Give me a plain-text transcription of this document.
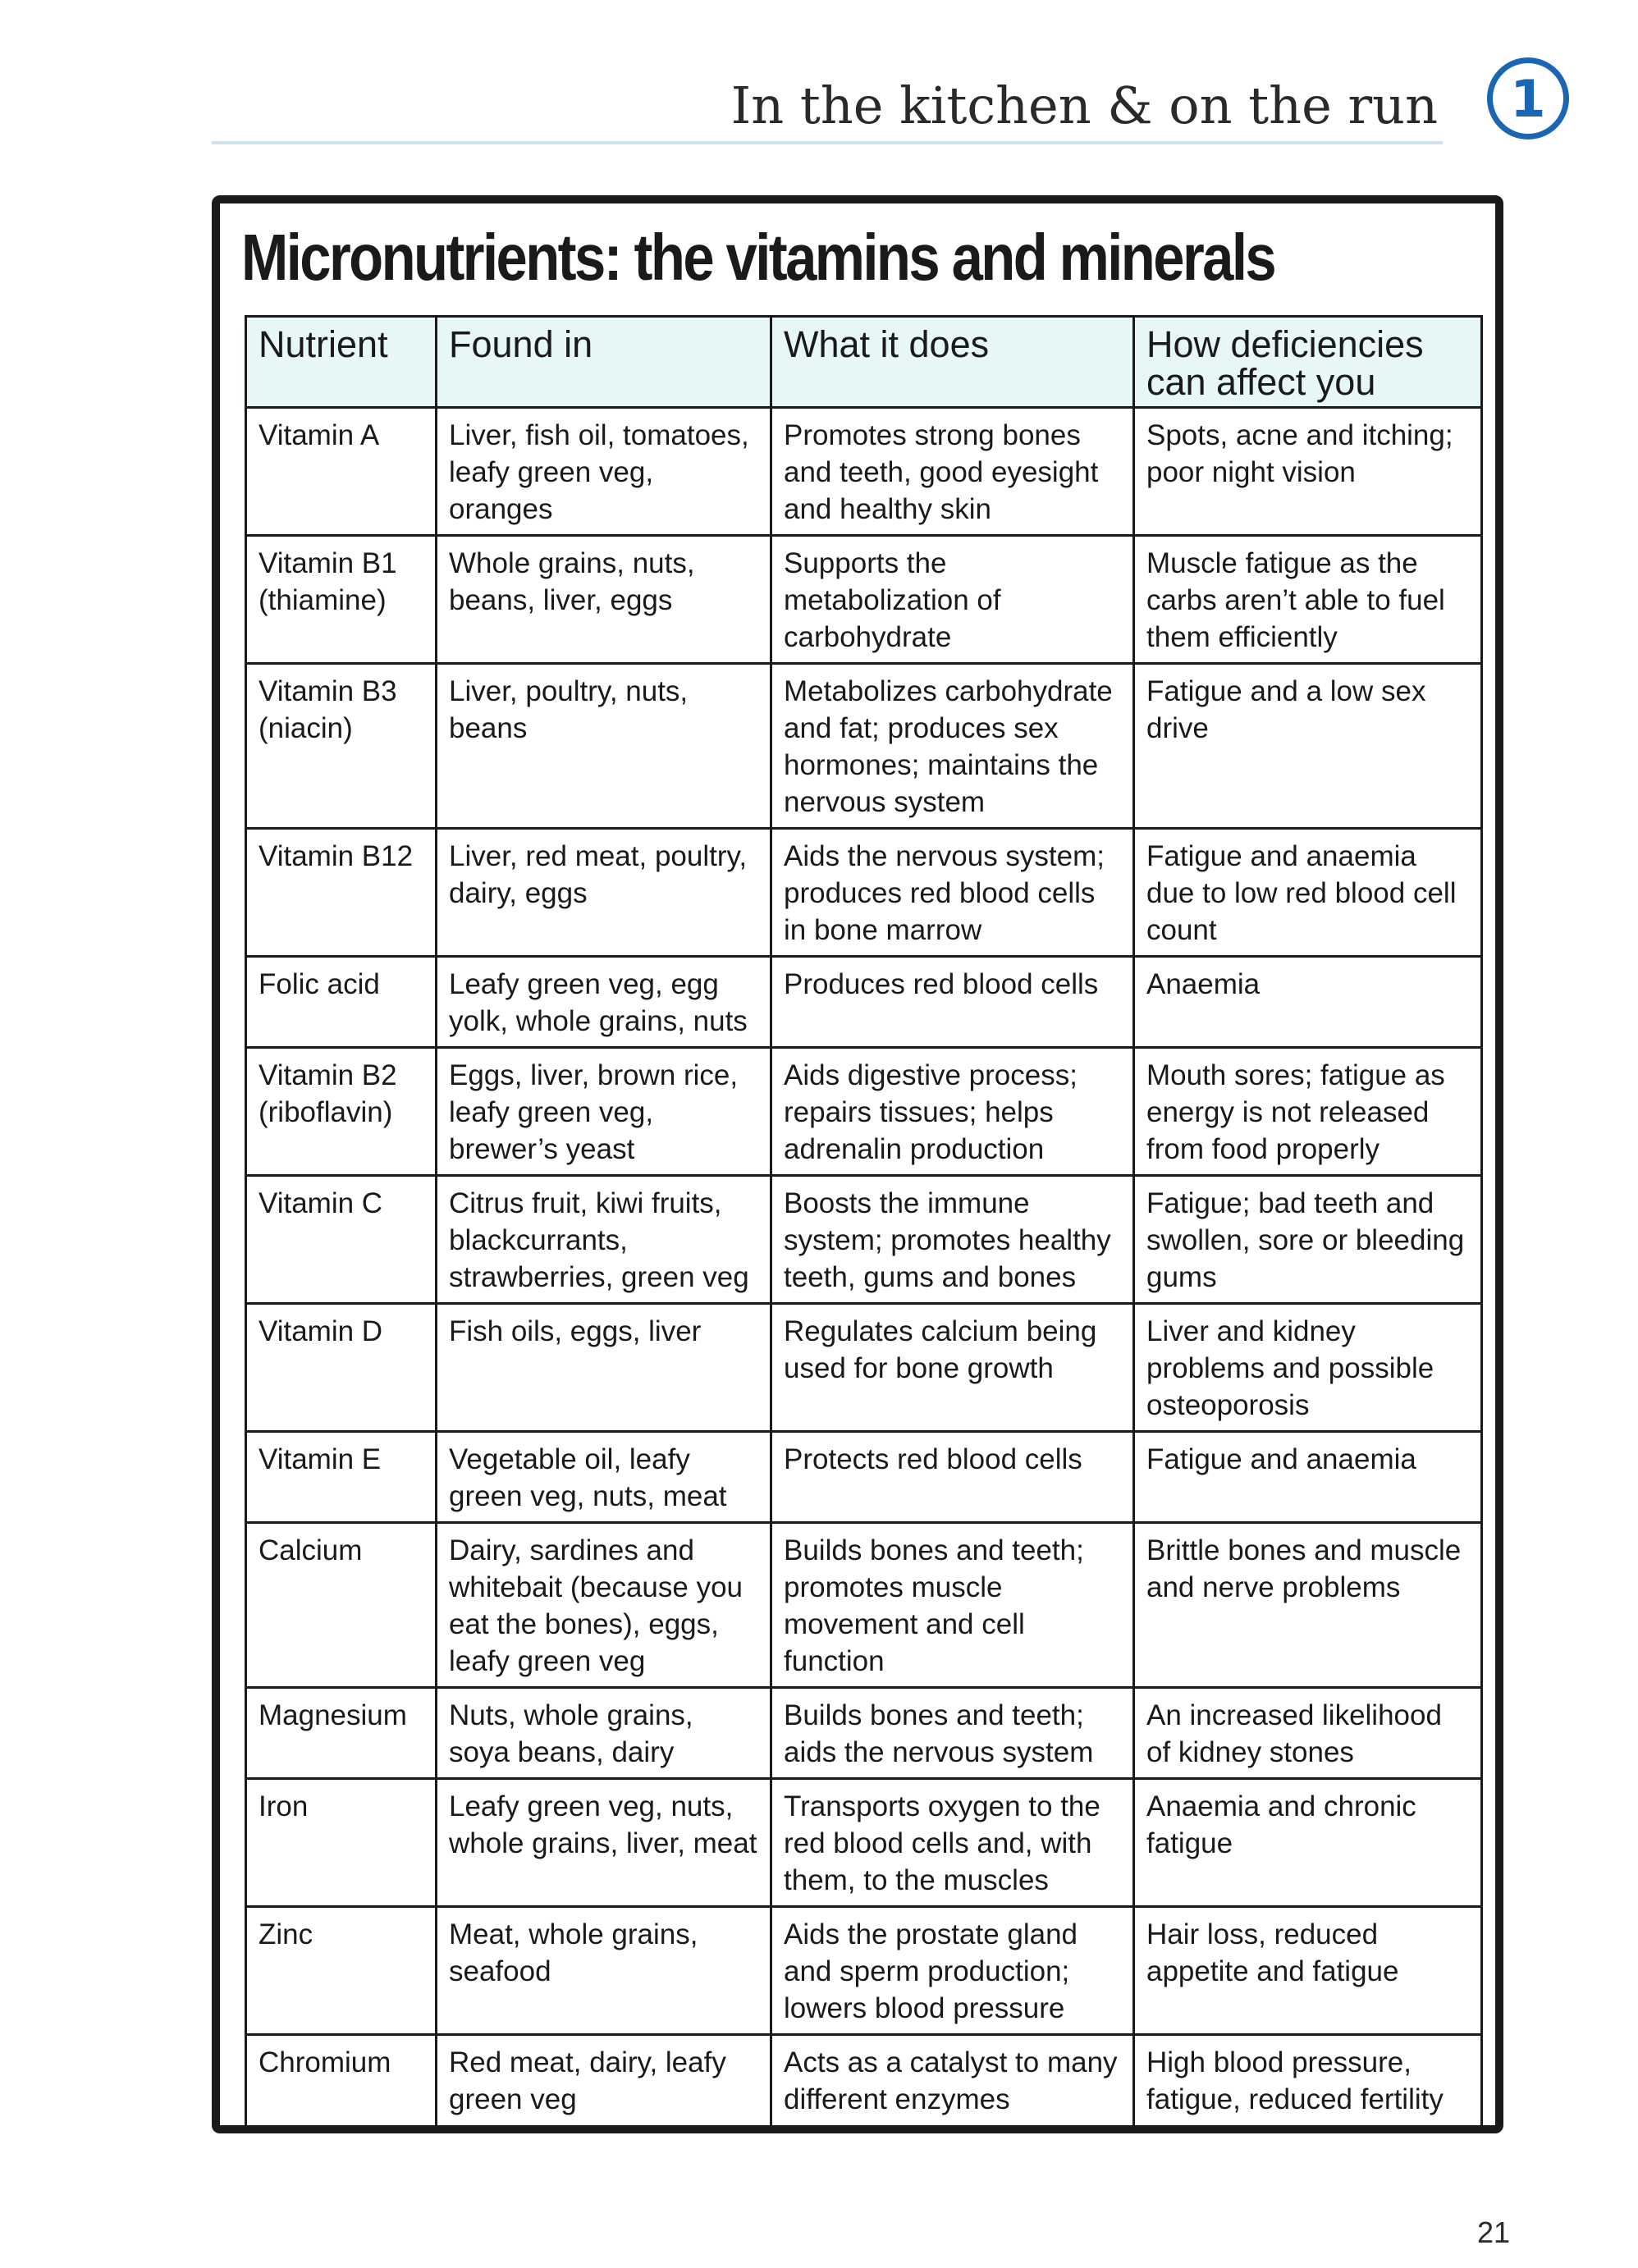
In the kitchen & on the run	1
Micronutrients: the vitamins and minerals
Nutrient	Found in	What it does	How deficiencies can affect you
Vitamin A	Liver, fish oil, tomatoes, leafy green veg, oranges	Promotes strong bones and teeth, good eyesight and healthy skin	Spots, acne and itching; poor night vision
Vitamin B1 (thiamine)	Whole grains, nuts, beans, liver, eggs	Supports the metabolization of carbohydrate	Muscle fatigue as the carbs aren’t able to fuel them efficiently
Vitamin B3 (niacin)	Liver, poultry, nuts, beans	Metabolizes carbohydrate and fat; produces sex hormones; maintains the nervous system	Fatigue and a low sex drive
Vitamin B12	Liver, red meat, poultry, dairy, eggs	Aids the nervous system; produces red blood cells in bone marrow	Fatigue and anaemia due to low red blood cell count
Folic acid	Leafy green veg, egg yolk, whole grains, nuts	Produces red blood cells	Anaemia
Vitamin B2 (riboflavin)	Eggs, liver, brown rice, leafy green veg, brewer’s yeast	Aids digestive process; repairs tissues; helps adrenalin production	Mouth sores; fatigue as energy is not released from food properly
Vitamin C	Citrus fruit, kiwi fruits, blackcurrants, strawberries, green veg	Boosts the immune system; promotes healthy teeth, gums and bones	Fatigue; bad teeth and swollen, sore or bleeding gums
Vitamin D	Fish oils, eggs, liver	Regulates calcium being used for bone growth	Liver and kidney problems and possible osteoporosis
Vitamin E	Vegetable oil, leafy green veg, nuts, meat	Protects red blood cells	Fatigue and anaemia
Calcium	Dairy, sardines and whitebait (because you eat the bones), eggs, leafy green veg	Builds bones and teeth; promotes muscle movement and cell function	Brittle bones and muscle and nerve problems
Magnesium	Nuts, whole grains, soya beans, dairy	Builds bones and teeth; aids the nervous system	An increased likelihood of kidney stones
Iron	Leafy green veg, nuts, whole grains, liver, meat	Transports oxygen to the red blood cells and, with them, to the muscles	Anaemia and chronic fatigue
Zinc	Meat, whole grains, seafood	Aids the prostate gland and sperm production; lowers blood pressure	Hair loss, reduced appetite and fatigue
Chromium	Red meat, dairy, leafy green veg	Acts as a catalyst to many different enzymes	High blood pressure, fatigue, reduced fertility
21
